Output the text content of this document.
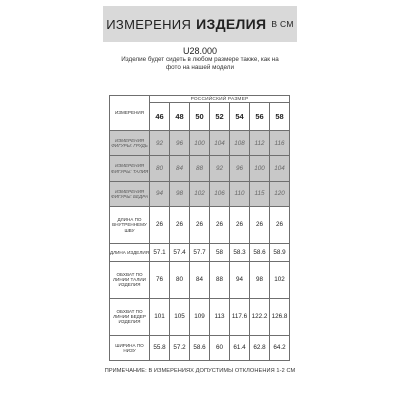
ИЗМЕРЕНИЯ ИЗДЕЛИЯ В СМ
U28.000
Изделие будет сидеть в любом размере также, как на фото на нашей модели
ИЗМЕРЕНИЯ	РОССИЙСКИЙ РАЗМЕР						
	46	48	50	52	54	56	58
ИЗМЕРЕНИЯ ФИГУРЫ: ГРУДЬ	92	96	100	104	108	112	116
ИЗМЕРЕНИЯ ФИГУРЫ: ТАЛИЯ	80	84	88	92	96	100	104
ИЗМЕРЕНИЯ ФИГУРЫ: БЕДРА	94	98	102	106	110	115	120
ДЛИНА ПО ВНУТРЕННЕМУ ШВУ	26	26	26	26	26	26	26
ДЛИНА ИЗДЕЛИЯ	57.1	57.4	57.7	58	58.3	58.6	58.9
ОБХВАТ ПО ЛИНИИ ТАЛИИ ИЗДЕЛИЯ	76	80	84	88	94	98	102
ОБХВАТ ПО ЛИНИИ БЕДЕР ИЗДЕЛИЯ	101	105	109	113	117.6	122.2	126.8
ШИРИНА ПО НИЗУ	55.8	57.2	58.6	60	61.4	62.8	64.2
ПРИМЕЧАНИЕ: В ИЗМЕРЕНИЯХ ДОПУСТИМЫ ОТКЛОНЕНИЯ 1-2 СМ
